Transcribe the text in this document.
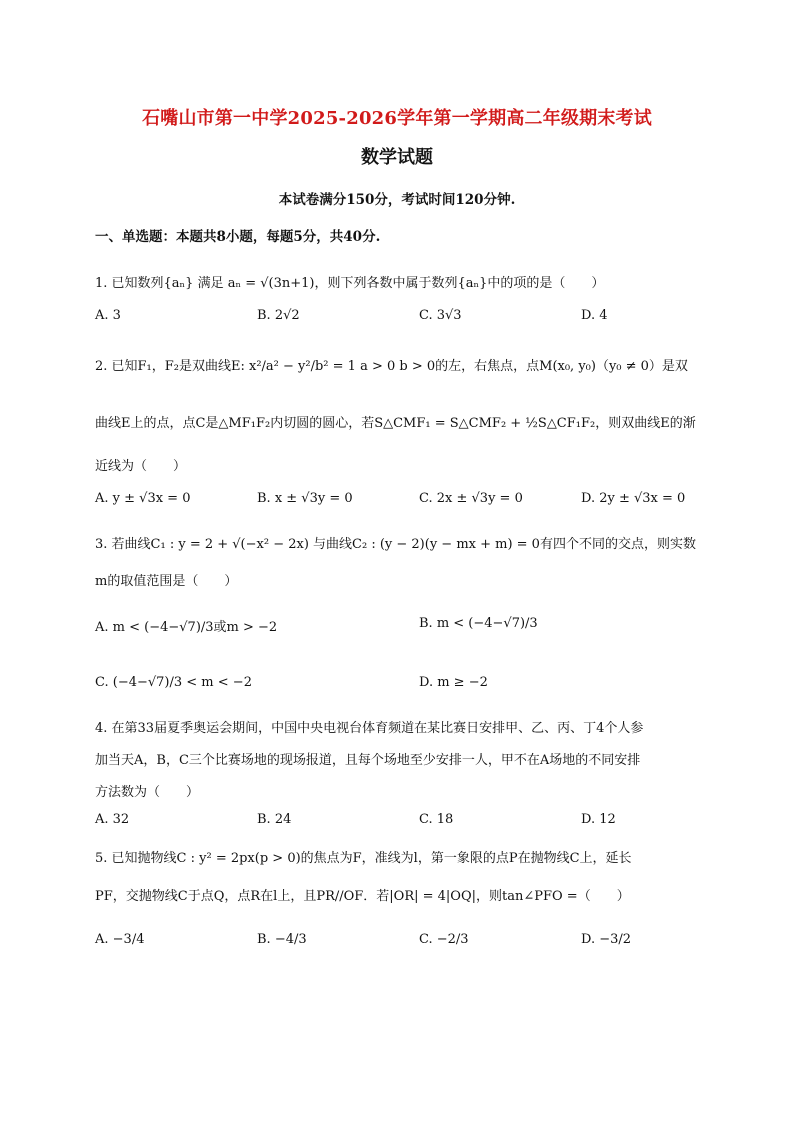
石嘴山市第一中学2025-2026学年第一学期高二年级期末考试
数学试题
本试卷满分150分，考试时间120分钟.
一、单选题：本题共8小题，每题5分，共40分.
1. 已知数列{aₙ} 满足 aₙ = √(3n+1)，则下列各数中属于数列{aₙ}中的项的是（　　）
A. 3	B. 2√2	C. 3√3	D. 4
2. 已知F₁，F₂是双曲线E: x²/a² − y²/b² = 1 a > 0 b > 0的左，右焦点，点M(x₀, y₀)（y₀ ≠ 0）是双
曲线E上的点，点C是△MF₁F₂内切圆的圆心，若S△CMF₁ = S△CMF₂ + ½S△CF₁F₂，则双曲线E的渐
近线为（　　）
A. y ± √3x = 0	B. x ± √3y = 0	C. 2x ± √3y = 0	D. 2y ± √3x = 0
3. 若曲线C₁ : y = 2 + √(−x² − 2x) 与曲线C₂ : (y − 2)(y − mx + m) = 0有四个不同的交点，则实数
m的取值范围是（　　）
A. m < (−4−√7)/3或m > −2	B. m < (−4−√7)/3
C. (−4−√7)/3 < m < −2	D. m ≥ −2
4. 在第33届夏季奥运会期间，中国中央电视台体育频道在某比赛日安排甲、乙、丙、丁4个人参
加当天A，B，C三个比赛场地的现场报道，且每个场地至少安排一人，甲不在A场地的不同安排
方法数为（　　）
A. 32	B. 24	C. 18	D. 12
5. 已知抛物线C : y² = 2px(p > 0)的焦点为F，准线为l，第一象限的点P在抛物线C上，延长
PF，交抛物线C于点Q，点R在l上，且PR//OF．若|OR| = 4|OQ|，则tan∠PFO =（　　）
A. −3/4	B. −4/3	C. −2/3	D. −3/2
